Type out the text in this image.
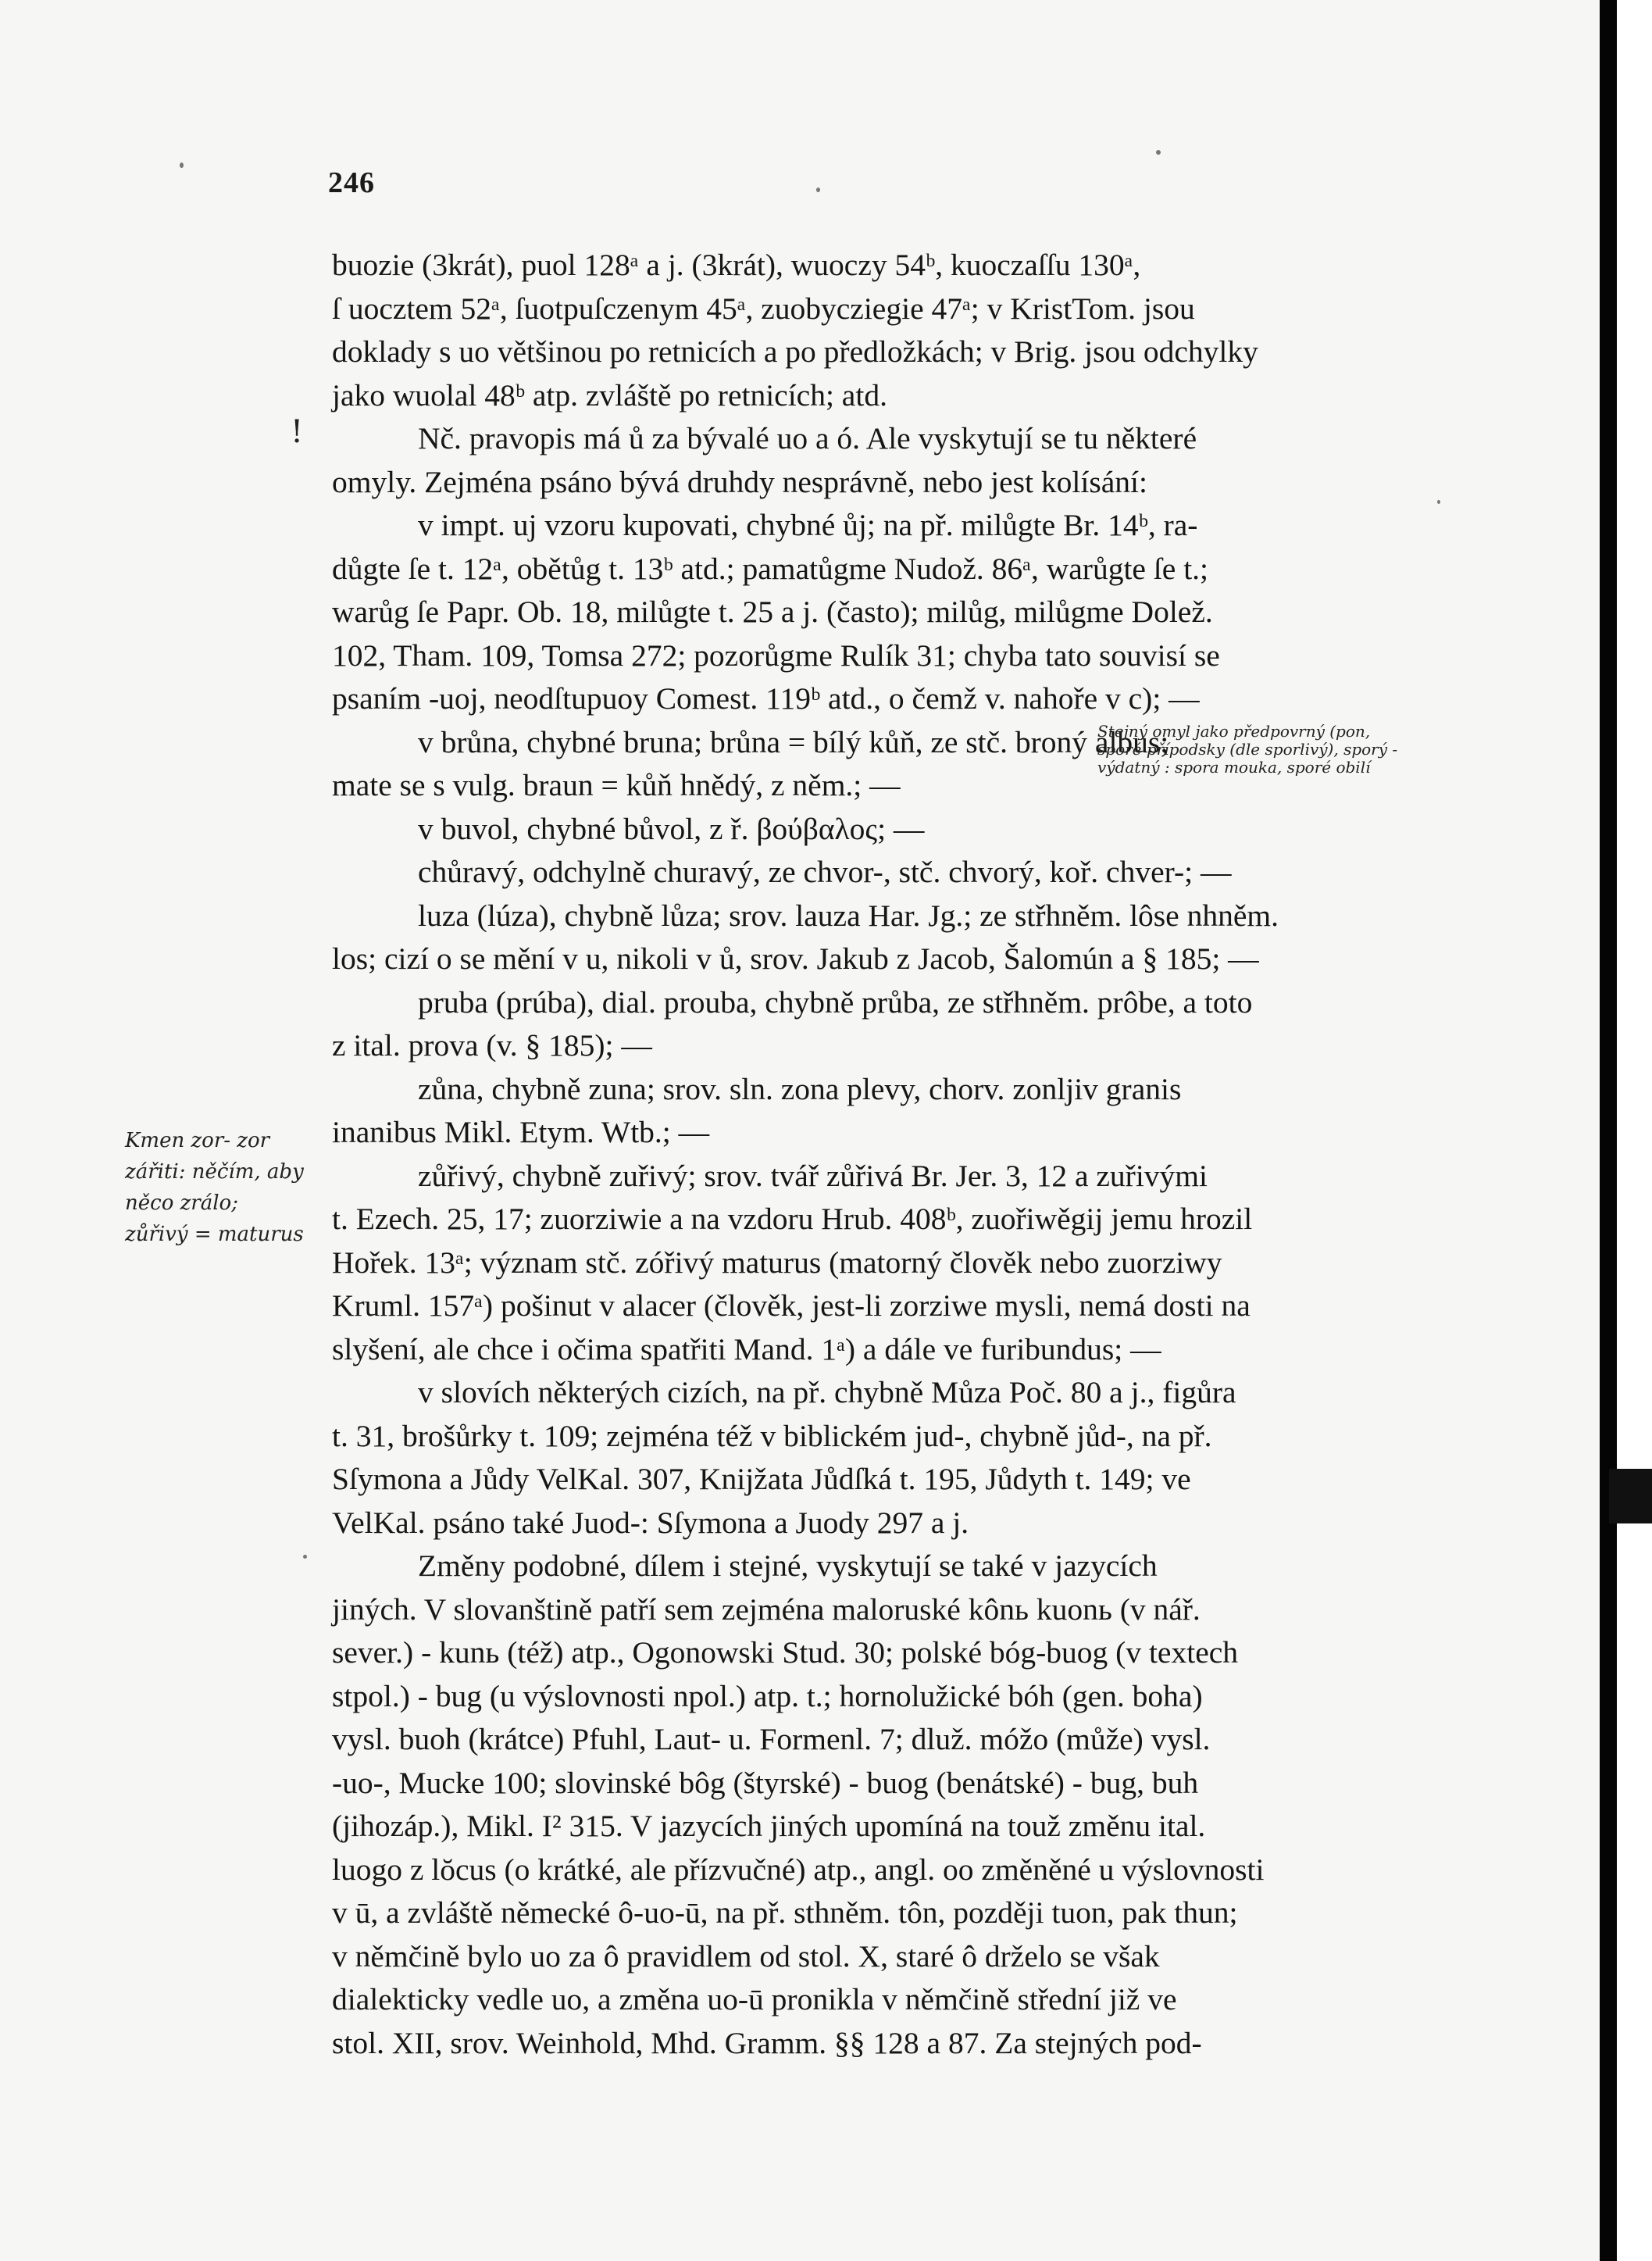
246
!
buozie (3krát), puol 128ᵃ a j. (3krát), wuoczy 54ᵇ, kuoczaſſu 130ᵃ,
ſ uocztem 52ᵃ, ſuotpuſczenym 45ᵃ, zuobycziegie 47ᵃ; v KristTom. jsou
doklady s uo většinou po retnicích a po předložkách; v Brig. jsou odchylky
jako wuolal 48ᵇ atp. zvláště po retnicích; atd.
Nč. pravopis má ů za bývalé uo a ó. Ale vyskytují se tu některé
omyly. Zejména psáno bývá druhdy nesprávně, nebo jest kolísání:
v impt. uj vzoru kupovati, chybné ůj; na př. milůgte Br. 14ᵇ, ra-
důgte ſe t. 12ᵃ, obětůg t. 13ᵇ atd.; pamatůgme Nudož. 86ᵃ, warůgte ſe t.;
warůg ſe Papr. Ob. 18, milůgte t. 25 a j. (často); milůg, milůgme Dolež.
102, Tham. 109, Tomsa 272; pozorůgme Rulík 31; chyba tato souvisí se
psaním -uoj, neodſtupuoy Comest. 119ᵇ atd., o čemž v. nahoře v c); —
v brůna, chybné bruna; brůna = bílý kůň, ze stč. broný albus;
mate se s vulg. braun = kůň hnědý, z něm.; —
v buvol, chybné bůvol, z ř. βούβαλος; —
chůravý, odchylně churavý, ze chvor-, stč. chvorý, koř. chver-; —
luza (lúza), chybně lůza; srov. lauza Har. Jg.; ze střhněm. lôse nhněm.
los; cizí o se mění v u, nikoli v ů, srov. Jakub z Jacob, Šalomún a § 185; —
pruba (prúba), dial. prouba, chybně průba, ze střhněm. prôbe, a toto
z ital. prova (v. § 185); —
zůna, chybně zuna; srov. sln. zona plevy, chorv. zonljiv granis
inanibus Mikl. Etym. Wtb.; —
zůřivý, chybně zuřivý; srov. tvář zůřivá Br. Jer. 3, 12 a zuřivými
t. Ezech. 25, 17; zuorziwie a na vzdoru Hrub. 408ᵇ, zuořiwěgij jemu hrozil
Hořek. 13ᵃ; význam stč. zóřivý maturus (matorný člověk nebo zuorziwy
Kruml. 157ᵃ) pošinut v alacer (člověk, jest-li zorziwe mysli, nemá dosti na
slyšení, ale chce i očima spatřiti Mand. 1ᵃ) a dále ve furibundus; —
v slovích některých cizích, na př. chybně Můza Poč. 80 a j., figůra
t. 31, brošůrky t. 109; zejména též v biblickém jud-, chybně jůd-, na př.
Sſymona a Jůdy VelKal. 307, Knijžata Jůdſká t. 195, Jůdyth t. 149; ve
VelKal. psáno také Juod-: Sſymona a Juody 297 a j.
Změny podobné, dílem i stejné, vyskytují se také v jazycích
jiných. V slovanštině patří sem zejména maloruské kônь kuonь (v nář.
sever.) - kunь (též) atp., Ogonowski Stud. 30; polské bóg-buog (v textech
stpol.) - bug (u výslovnosti npol.) atp. t.; hornolužické bóh (gen. boha)
vysl. buoh (krátce) Pfuhl, Laut- u. Formenl. 7; dluž. móžo (může) vysl.
-uo-, Mucke 100; slovinské bôg (štyrské) - buog (benátské) - bug, buh
(jihozáp.), Mikl. I² 315. V jazycích jiných upomíná na touž změnu ital.
luogo z lŏcus (o krátké, ale přízvučné) atp., angl. oo změněné u výslovnosti
v ū, a zvláště německé ô-uo-ū, na př. sthněm. tôn, později tuon, pak thun;
v němčině bylo uo za ô pravidlem od stol. X, staré ô drželo se však
dialekticky vedle uo, a změna uo-ū pronikla v němčině střední již ve
stol. XII, srov. Weinhold, Mhd. Gramm. §§ 128 a 87. Za stejných pod-
Stejný omyl jako předpovrný (pon,
sporé přípodsky (dle sporlivý), sporý -
výdatný : spora mouka, sporé obilí
Kmen zor- zor
zářiti: něčím, aby
něco zrálo;
zůřivý = maturus
